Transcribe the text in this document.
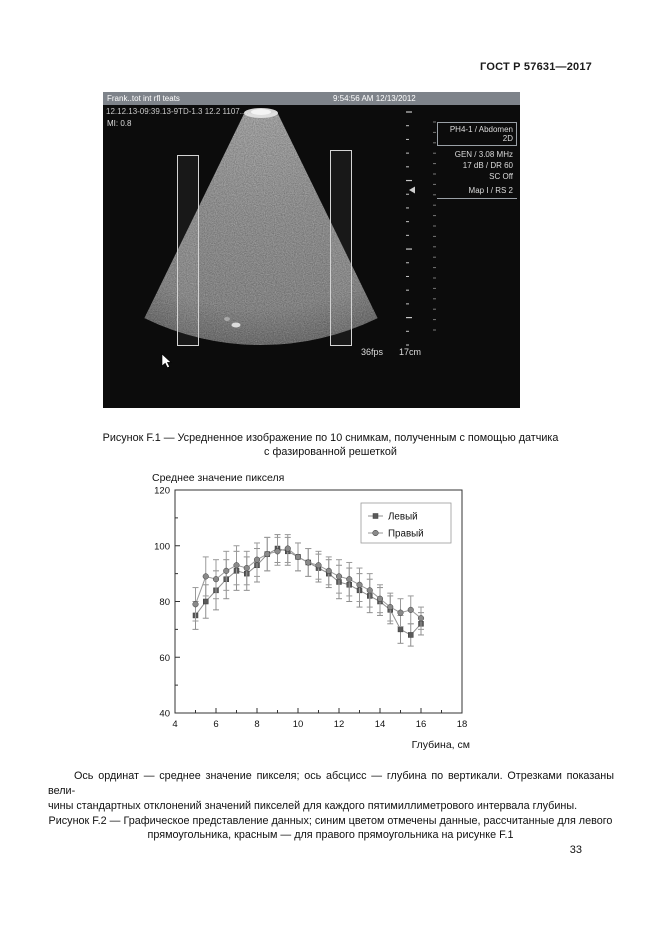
ГОСТ Р 57631—2017
Frank..tot int rfl teats	9:54:56 AM 12/13/2012
12.12.13-09:39.13-9TD-1.3 12.2 1107....
MI: 0.8
PH4-1 / Abdomen
2D
GEN / 3.08 MHz
17 dB / DR 60
SC Off
Map I / RS 2
36fps 17cm
Рисунок F.1 — Усредненное изображение по 10 снимкам, полученным с помощью датчика
с фазированной решеткой
Среднее значение пикселя
4	6	8	10	12	14	16	18
40
60
80
100
120
Глубина, см
Левый
Правый
Ось ординат — среднее значение пикселя; ось абсцисс — глубина по вертикали. Отрезками показаны вели-
чины стандартных отклонений значений пикселей для каждого пятимиллиметрового интервала глубины.
Рисунок F.2 — Графическое представление данных; синим цветом отмечены данные, рассчитанные для левого
прямоугольника, красным — для правого прямоугольника на рисунке F.1
33
